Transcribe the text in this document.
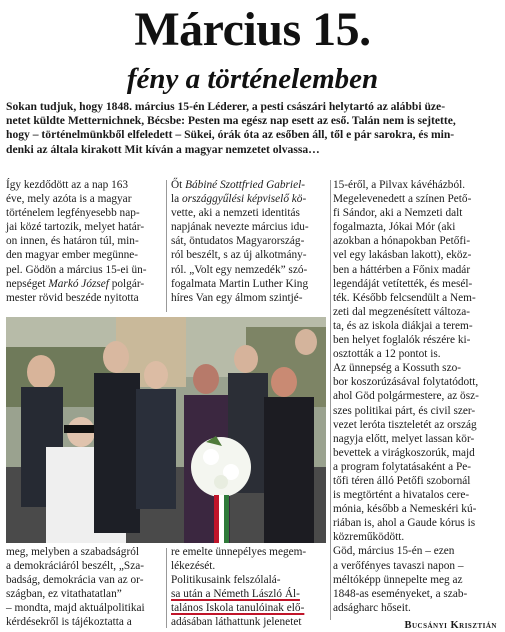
Március 15.
fény a történelemben
Sokan tudjuk, hogy 1848. március 15-én Léderer, a pesti császári helytartó az alábbi üze-
netet küldte Metternichnek, Bécsbe: Pesten ma egész nap esett az eső. Talán nem is sejtette,
hogy – történelmünkből elfeledett – Sükei, órák óta az esőben áll, től e pár sarokra, és min-
denki az általa kirakott Mit kíván a magyar nemzetet olvassa…
Így kezdődött az a nap 163
éve, mely azóta is a magyar
történelem legfényesebb nap-
jai közé tartozik, melyet határ-
on innen, és határon túl, min-
den magyar ember megünne-
pel. Gödön a március 15-ei ün-
nepséget Markó József polgár-
mester rövid beszéde nyitotta
Őt Bábiné Szottfried Gabriel-
la országgyűlési képviselő kö-
vette, aki a nemzeti identitás
napjának nevezte március idu-
sát, öntudatos Magyarország-
ról beszélt, s az új alkotmány-
ról. „Volt egy nemzedék” szó-
fogalmata Martin Luther King
híres Van egy álmom szintjé-
15-éről, a Pilvax kávéházból.
Megelevenedett a színen Pető-
fi Sándor, aki a Nemzeti dalt
fogalmazta, Jókai Mór (aki
azokban a hónapokban Petőfi-
vel egy lakásban lakott), eköz-
ben a háttérben a Főnix madár
legendáját vetítették, és mesél-
ték. Később felcsendült a Nem-
zeti dal megzenésített változa-
ta, és az iskola diákjai a terem-
ben helyet foglalók részére ki-
osztották a 12 pontot is.
Az ünnepség a Kossuth szo-
bor koszorúzásával folytatódott,
ahol Göd polgármestere, az ösz-
szes politikai párt, és civil szer-
vezet leróta tiszteletét az ország
nagyja előtt, melyet lassan kör-
bevettek a virágkoszorúk, majd
a program folytatásaként a Pe-
tőfi téren álló Petőfi szobornál
is megtörtént a hivatalos cere-
mónia, később a Nemeskéri kú-
riában is, ahol a Gaude kórus is
közreműködött.
Göd, március 15-én – ezen
a verőfényes tavaszi napon –
méltóképp ünnepelte meg az
1848-as eseményeket, a szab-
adságharc hőseit.
meg, melyben a szabadságról
a demokráciáról beszélt, „Sza-
badság, demokrácia van az or-
szágban, ez vitathatatlan”
– mondta, majd aktuálpolitikai
kérdésekről is tájékoztatta a
re emelte ünnepélyes megem-
lékezését.
Politikusaink felszólalá-
sa után a Németh László Ál-
talános Iskola tanulóinak elő-
adásában láthattunk jelenetet	Bucsányi Krisztián
